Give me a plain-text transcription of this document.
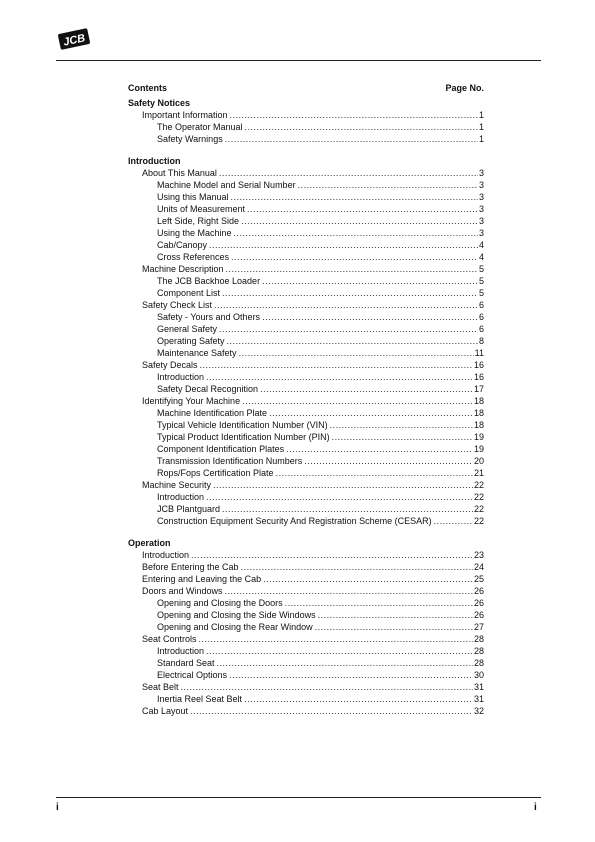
JCB
Contents	Page No.
Safety Notices
Important Information .....	1
The Operator Manual .....	1
Safety Warnings .....	1
Introduction
About This Manual .....	3
Machine Model and Serial Number .....	3
Using this Manual .....	3
Units of Measurement .....	3
Left Side, Right Side .....	3
Using the Machine .....	3
Cab/Canopy .....	4
Cross References .....	4
Machine Description .....	5
The JCB Backhoe Loader .....	5
Component List .....	5
Safety Check List .....	6
Safety - Yours and Others .....	6
General Safety .....	6
Operating Safety .....	8
Maintenance Safety .....	11
Safety Decals .....	16
Introduction .....	16
Safety Decal Recognition .....	17
Identifying Your Machine .....	18
Machine Identification Plate .....	18
Typical Vehicle Identification Number (VIN) .....	18
Typical Product Identification Number (PIN) .....	19
Component Identification Plates .....	19
Transmission Identification Numbers .....	20
Rops/Fops Certification Plate .....	21
Machine Security .....	22
Introduction .....	22
JCB Plantguard .....	22
Construction Equipment Security And Registration Scheme (CESAR) .....	22
Operation
Introduction .....	23
Before Entering the Cab .....	24
Entering and Leaving the Cab .....	25
Doors and Windows .....	26
Opening and Closing the Doors .....	26
Opening and Closing the Side Windows .....	26
Opening and Closing the Rear Window .....	27
Seat Controls .....	28
Introduction .....	28
Standard Seat .....	28
Electrical Options .....	30
Seat Belt .....	31
Inertia Reel Seat Belt .....	31
Cab Layout .....	32
i	i
